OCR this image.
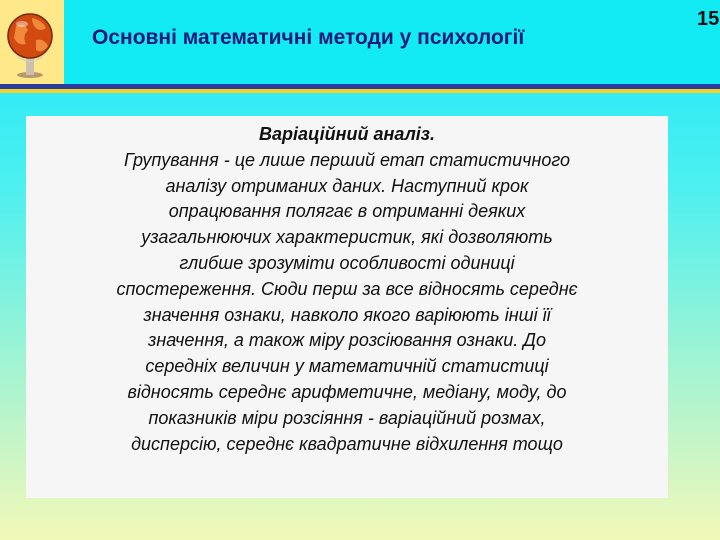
Основні математичні методи у психології
15
Варіаційний аналіз.
Групування - це лише перший етап статистичного
аналізу отриманих даних. Наступний крок
опрацювання полягає в отриманні деяких
узагальнюючих характеристик, які дозволяють
глибше зрозуміти особливості одиниці
спостереження. Сюди перш за все відносять середнє
значення ознаки, навколо якого варіюють інші її
значення, а також міру розсіювання ознаки. До
середніх величин у математичній статистиці
відносять середнє арифметичне, медіану, моду, до
показників міри розсіяння - варіаційний розмах,
дисперсію, середнє квадратичне відхилення тощо
